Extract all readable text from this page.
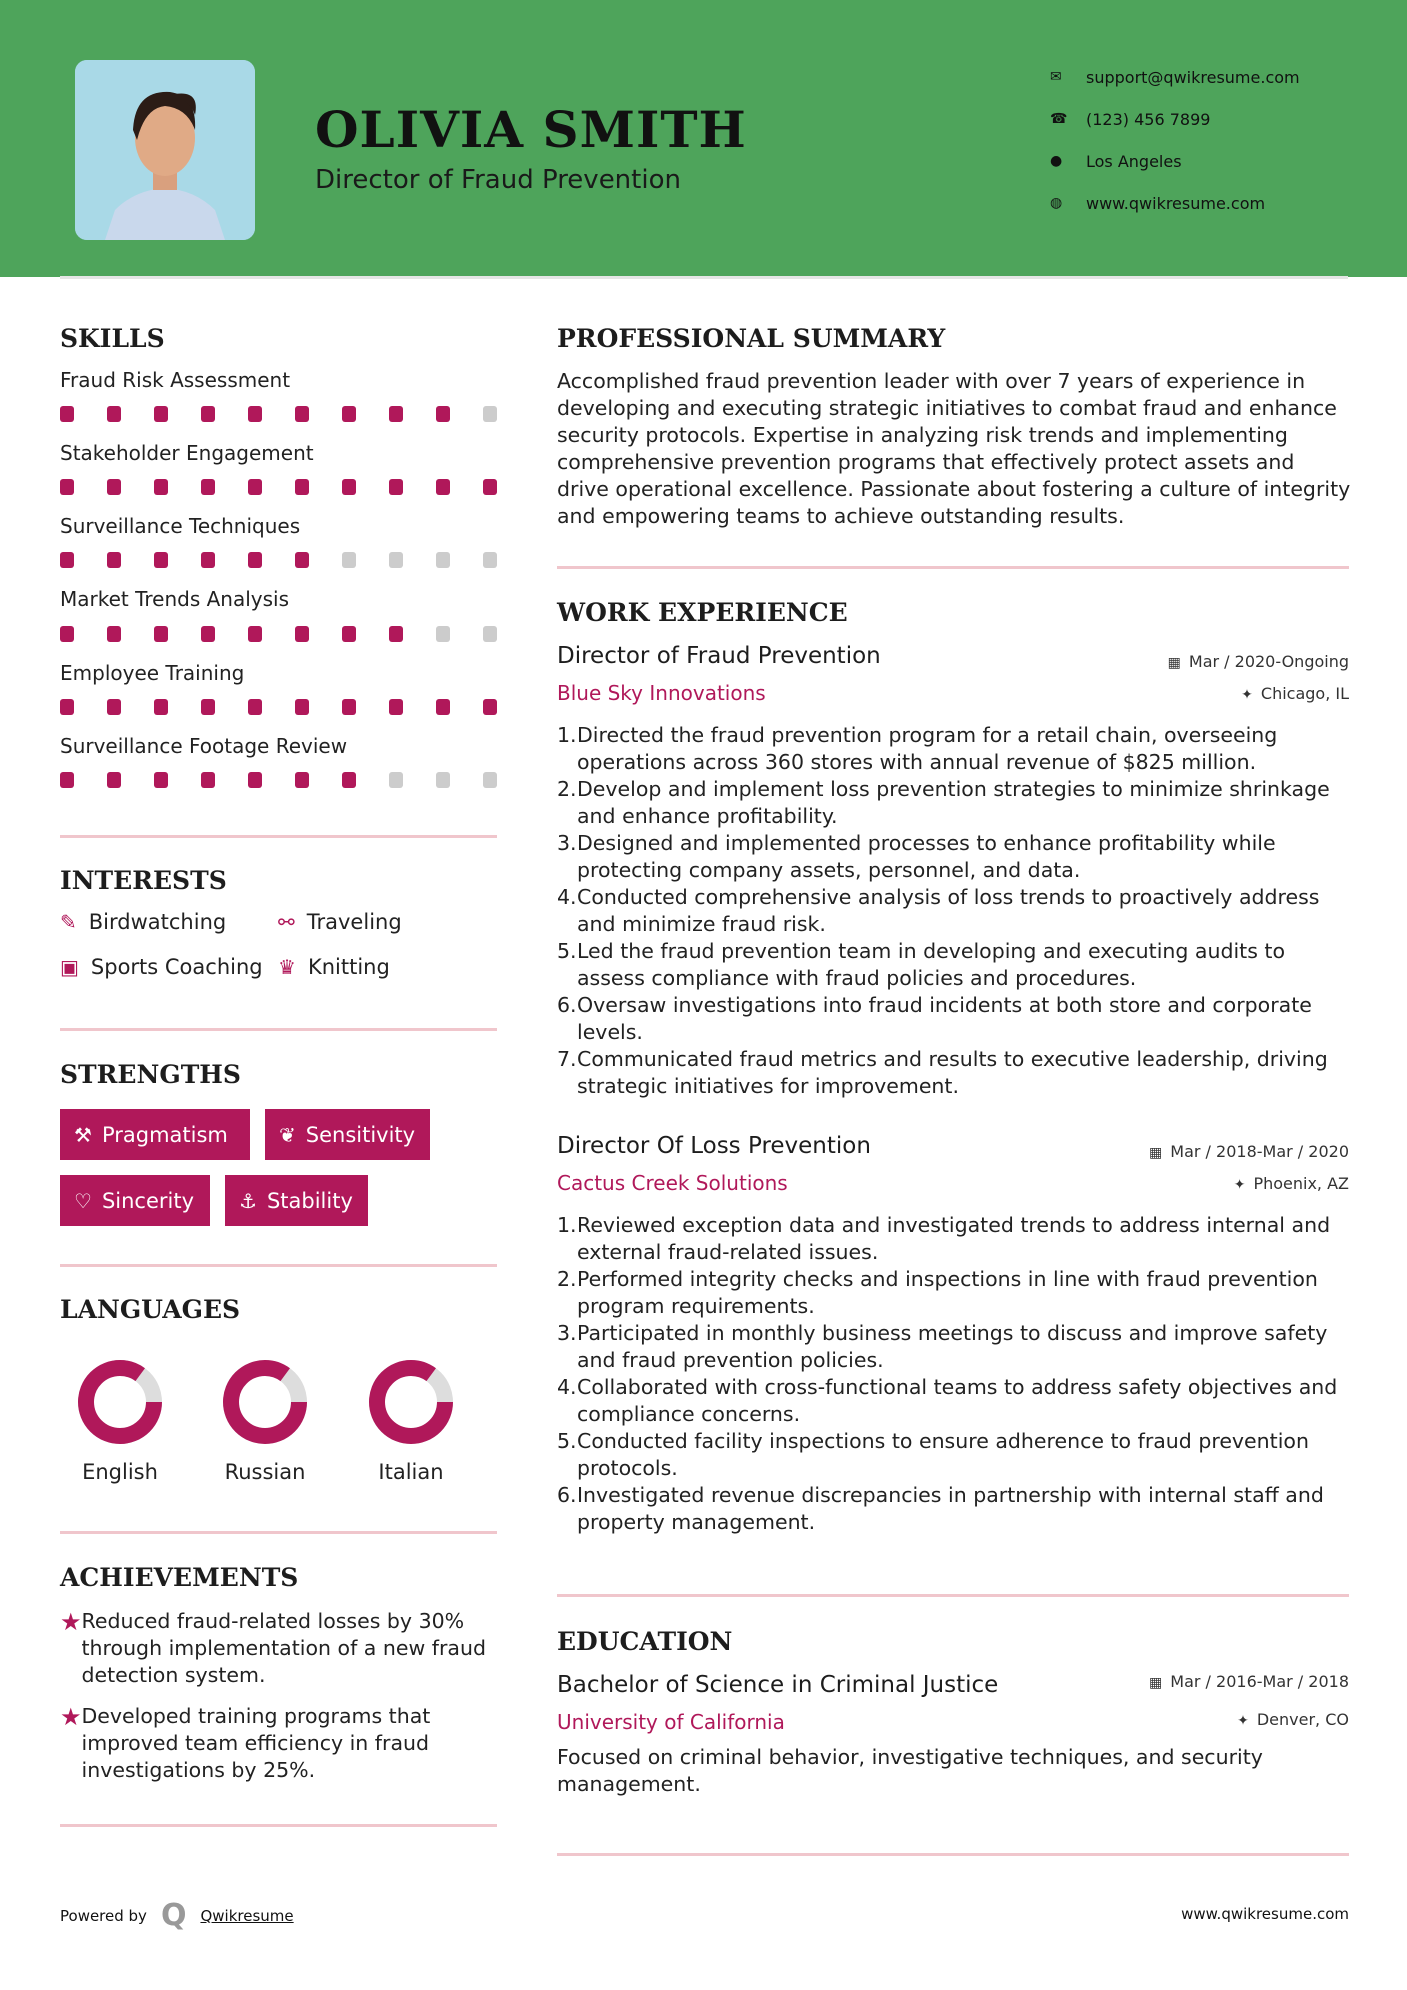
OLIVIA SMITH
Director of Fraud Prevention
✉	support@qwikresume.com
☎	(123) 456 7899
●	Los Angeles
◍	www.qwikresume.com
SKILLS
Fraud Risk Assessment
Stakeholder Engagement
Surveillance Techniques
Market Trends Analysis
Employee Training
Surveillance Footage Review
INTERESTS
✎ Birdwatching	⚯ Traveling
▣ Sports Coaching ♛ Knitting
STRENGTHS
⚒ Pragmatism	❦ Sensitivity
♡ Sincerity ⚓ Stability
LANGUAGES
English	Russian	Italian
ACHIEVEMENTS
★ Reduced fraud-related losses by 30% through implementation of a new fraud detection system.
★ Developed training programs that improved team efficiency in fraud investigations by 25%.
PROFESSIONAL SUMMARY
Accomplished fraud prevention leader with over 7 years of experience in developing and executing strategic initiatives to combat fraud and enhance security protocols. Expertise in analyzing risk trends and implementing comprehensive prevention programs that effectively protect assets and drive operational excellence. Passionate about fostering a culture of integrity and empowering teams to achieve outstanding results.
WORK EXPERIENCE
Director of Fraud Prevention	▦ Mar / 2020-Ongoing
Blue Sky Innovations	✦ Chicago, IL
1. Directed the fraud prevention program for a retail chain, overseeing operations across 360 stores with annual revenue of $825 million.
2. Develop and implement loss prevention strategies to minimize shrinkage and enhance profitability.
3. Designed and implemented processes to enhance profitability while protecting company assets, personnel, and data.
4. Conducted comprehensive analysis of loss trends to proactively address and minimize fraud risk.
5. Led the fraud prevention team in developing and executing audits to assess compliance with fraud policies and procedures.
6. Oversaw investigations into fraud incidents at both store and corporate levels.
7. Communicated fraud metrics and results to executive leadership, driving strategic initiatives for improvement.
Director Of Loss Prevention	▦ Mar / 2018-Mar / 2020
Cactus Creek Solutions	✦ Phoenix, AZ
1. Reviewed exception data and investigated trends to address internal and external fraud-related issues.
2. Performed integrity checks and inspections in line with fraud prevention program requirements.
3. Participated in monthly business meetings to discuss and improve safety and fraud prevention policies.
4. Collaborated with cross-functional teams to address safety objectives and compliance concerns.
5. Conducted facility inspections to ensure adherence to fraud prevention protocols.
6. Investigated revenue discrepancies in partnership with internal staff and property management.
EDUCATION
Bachelor of Science in Criminal Justice	▦ Mar / 2016-Mar / 2018
University of California	✦ Denver, CO
Focused on criminal behavior, investigative techniques, and security management.
Powered by Q Qwikresume	www.qwikresume.com
